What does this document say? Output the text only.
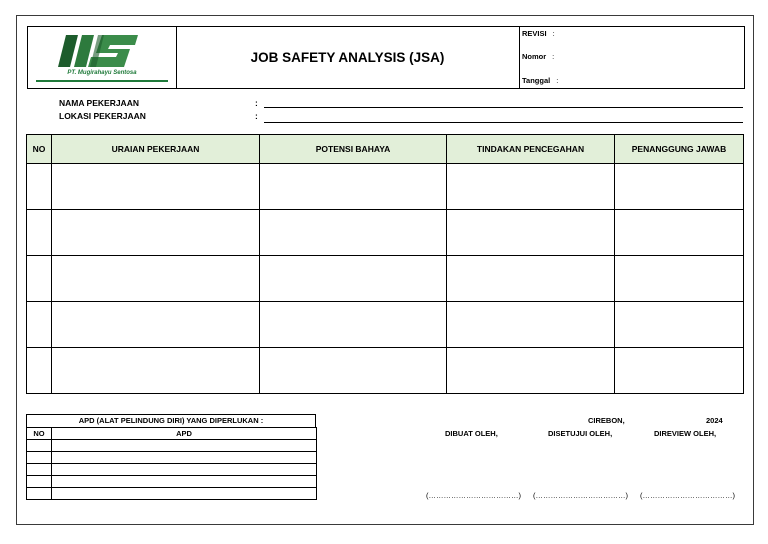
PT. Mugirahayu Sentosa
JOB SAFETY ANALYSIS (JSA)
REVISI :
Nomor :
Tanggal :
NAMA PEKERJAAN	:
LOKASI PEKERJAAN	:
NO	URAIAN PEKERJAAN	POTENSI BAHAYA	TINDAKAN PENCEGAHAN	PENANGGUNG JAWAB

APD (ALAT PELINDUNG DIRI) YANG DIPERLUKAN :
NO	APD

CIREBON,	2024
DIBUAT OLEH,	DISETUJUI OLEH,	DIREVIEW OLEH,
(………………………………) (………………………………) (………………………………)
